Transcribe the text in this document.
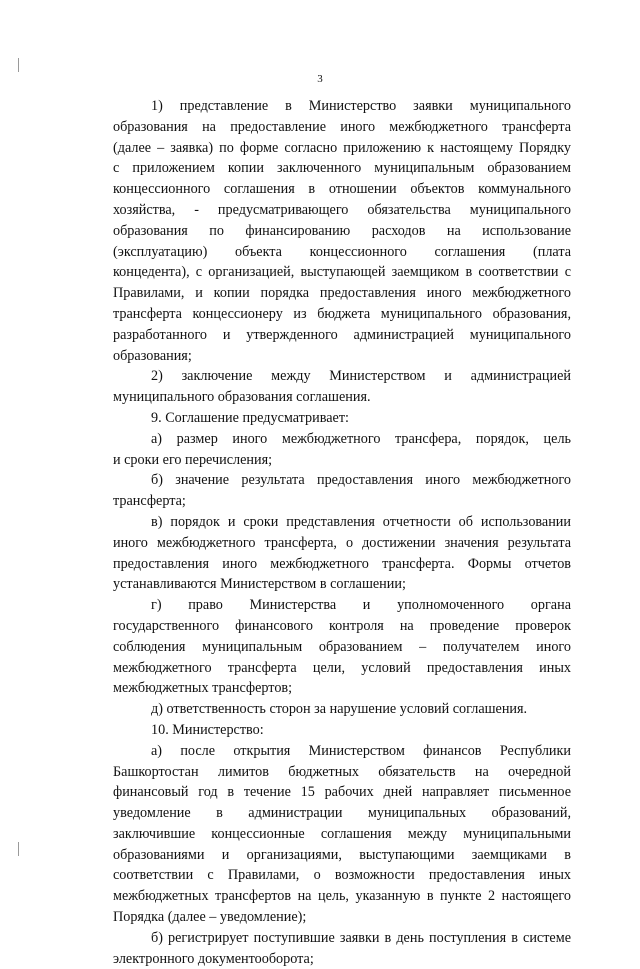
3
1) представление в Министерство заявки муниципального
образования на предоставление иного межбюджетного трансферта
(далее – заявка) по форме согласно приложению к настоящему Порядку
с приложением копии заключенного муниципальным образованием
концессионного соглашения в отношении объектов коммунального
хозяйства, - предусматривающего обязательства муниципального
образования по финансированию расходов на использование
(эксплуатацию) объекта концессионного соглашения (плата
концедента), с организацией, выступающей заемщиком в соответствии с
Правилами, и копии порядка предоставления иного межбюджетного
трансферта концессионеру из бюджета муниципального образования,
разработанного и утвержденного администрацией муниципального
образования;
2) заключение между Министерством и администрацией
муниципального образования соглашения.
9. Соглашение предусматривает:
а) размер иного межбюджетного трансфера, порядок, цель
и сроки его перечисления;
б) значение результата предоставления иного межбюджетного
трансферта;
в) порядок и сроки представления отчетности об использовании
иного межбюджетного трансферта, о достижении значения результата
предоставления иного межбюджетного трансферта. Формы отчетов
устанавливаются Министерством в соглашении;
г) право Министерства и уполномоченного органа
государственного финансового контроля на проведение проверок
соблюдения муниципальным образованием – получателем иного
межбюджетного трансферта цели, условий предоставления иных
межбюджетных трансфертов;
д) ответственность сторон за нарушение условий соглашения.
10. Министерство:
а) после открытия Министерством финансов Республики
Башкортостан лимитов бюджетных обязательств на очередной
финансовый год в течение 15 рабочих дней направляет письменное
уведомление в администрации муниципальных образований,
заключившие концессионные соглашения между муниципальными
образованиями и организациями, выступающими заемщиками в
соответствии с Правилами, о возможности предоставления иных
межбюджетных трансфертов на цель, указанную в пункте 2 настоящего
Порядка (далее – уведомление);
б) регистрирует поступившие заявки в день поступления в системе
электронного документооборота;
